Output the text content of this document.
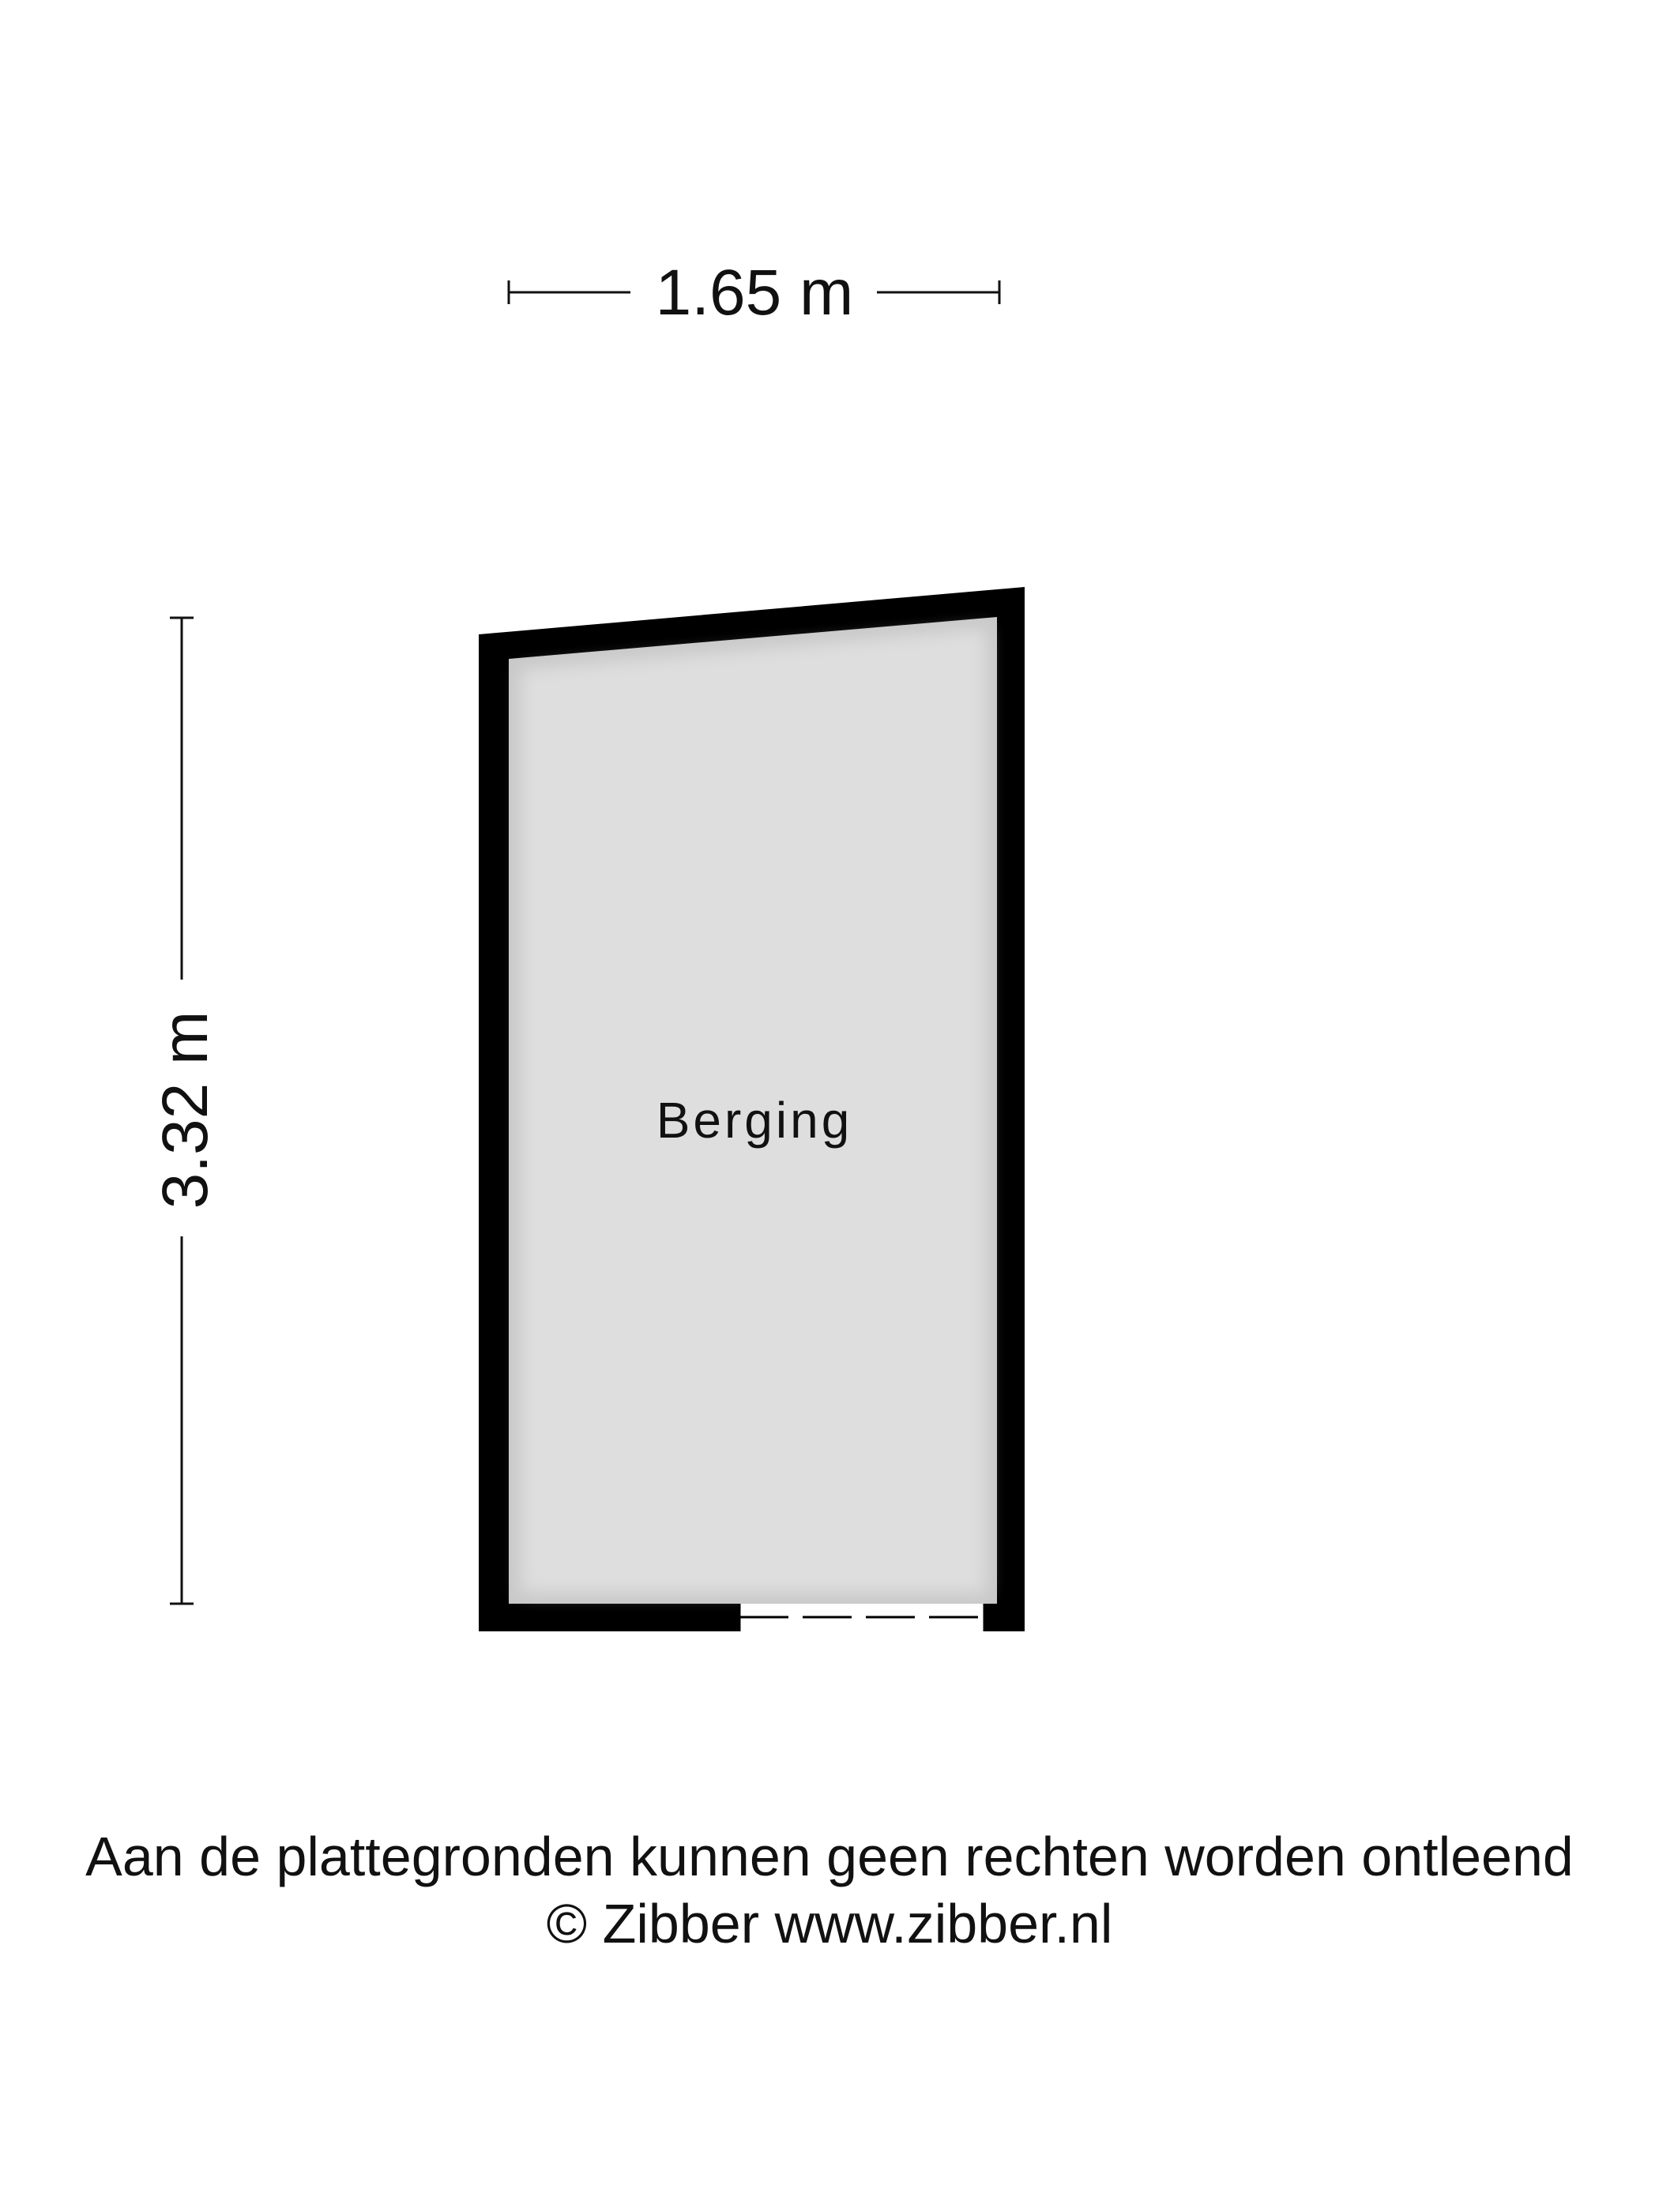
1.65 m
3.32 m	Berging
Aan de plattegronden kunnen geen rechten worden ontleend
© Zibber www.zibber.nl
